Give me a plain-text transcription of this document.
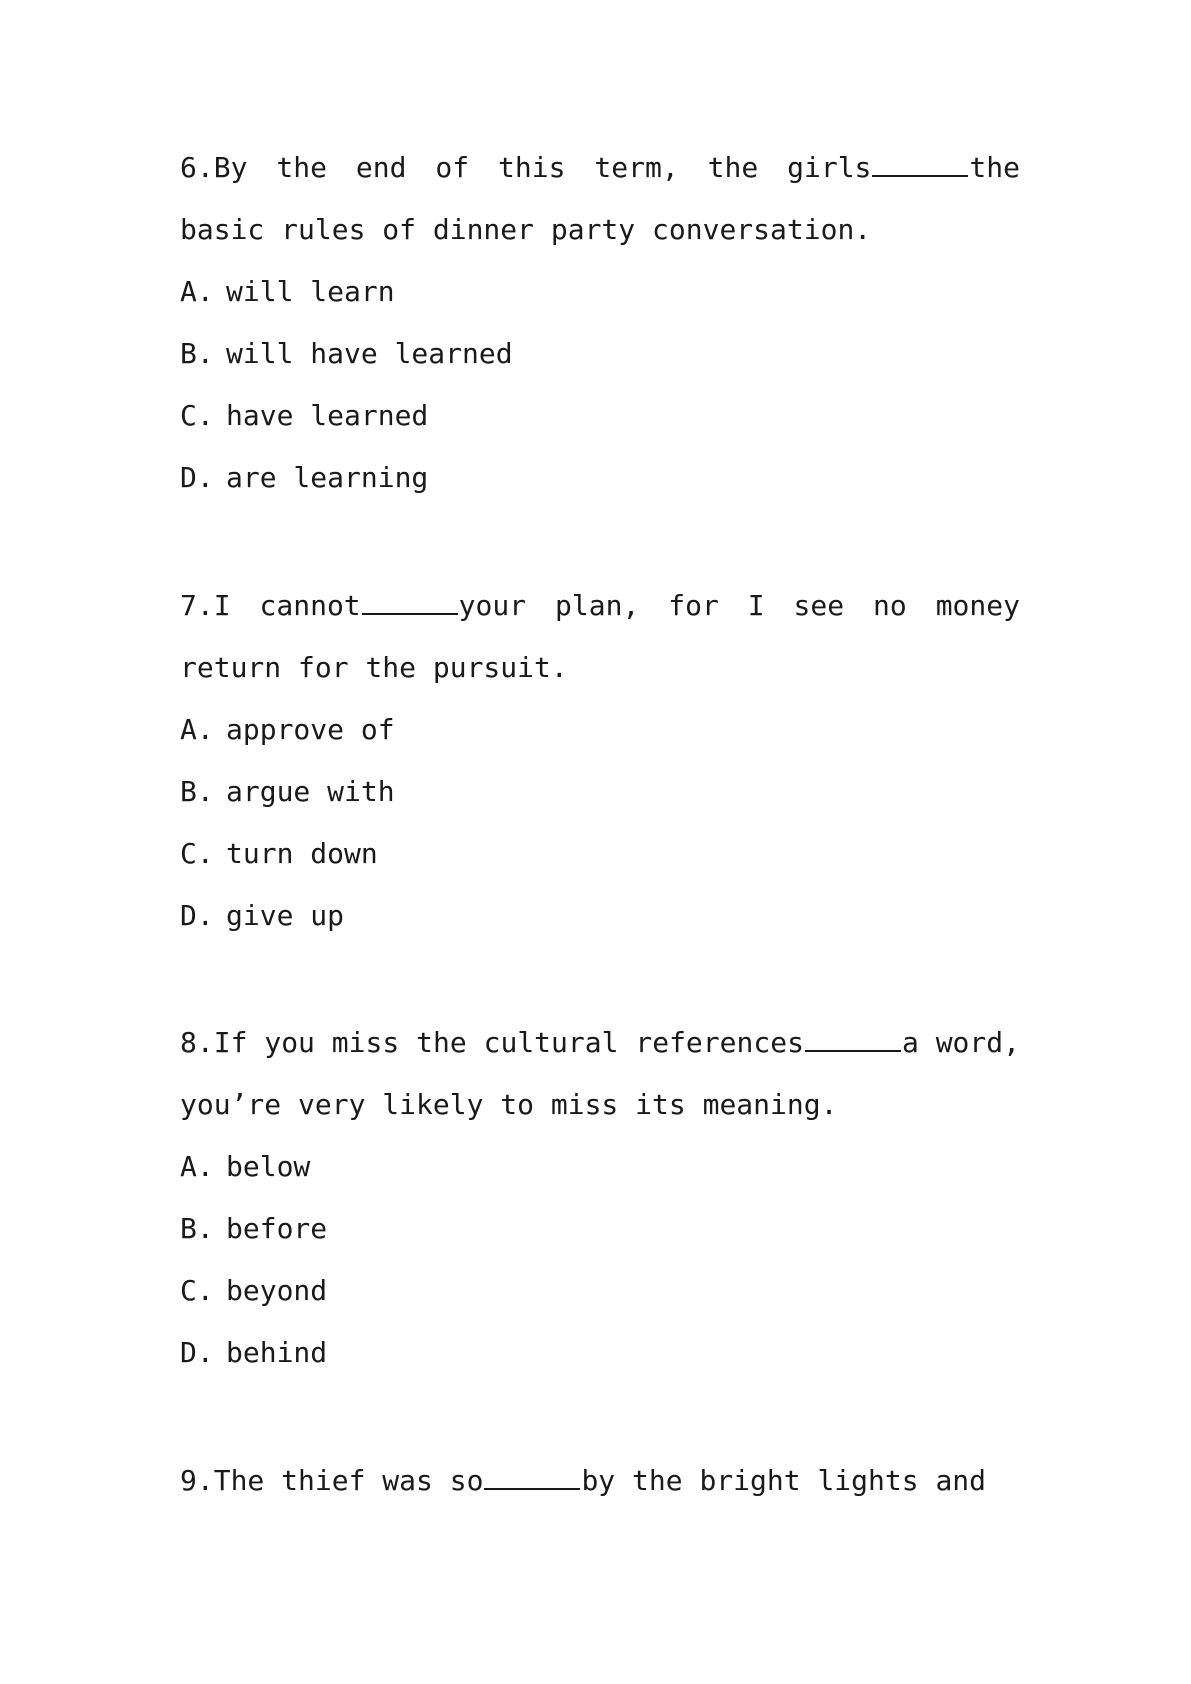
6.By the end of this term, the girls	the basic rules of dinner party conversation.

A. will learn

B. will have learned

C. have learned

D. are learning

7.I cannot	your plan, for I see no money return for the pursuit.

A. approve of

B. argue with

C. turn down

D. give up

8.If you miss the cultural references	a word, you’re very likely to miss its meaning.

A. below

B. before

C. beyond

D. behind

9.The thief was so	by the bright lights and
